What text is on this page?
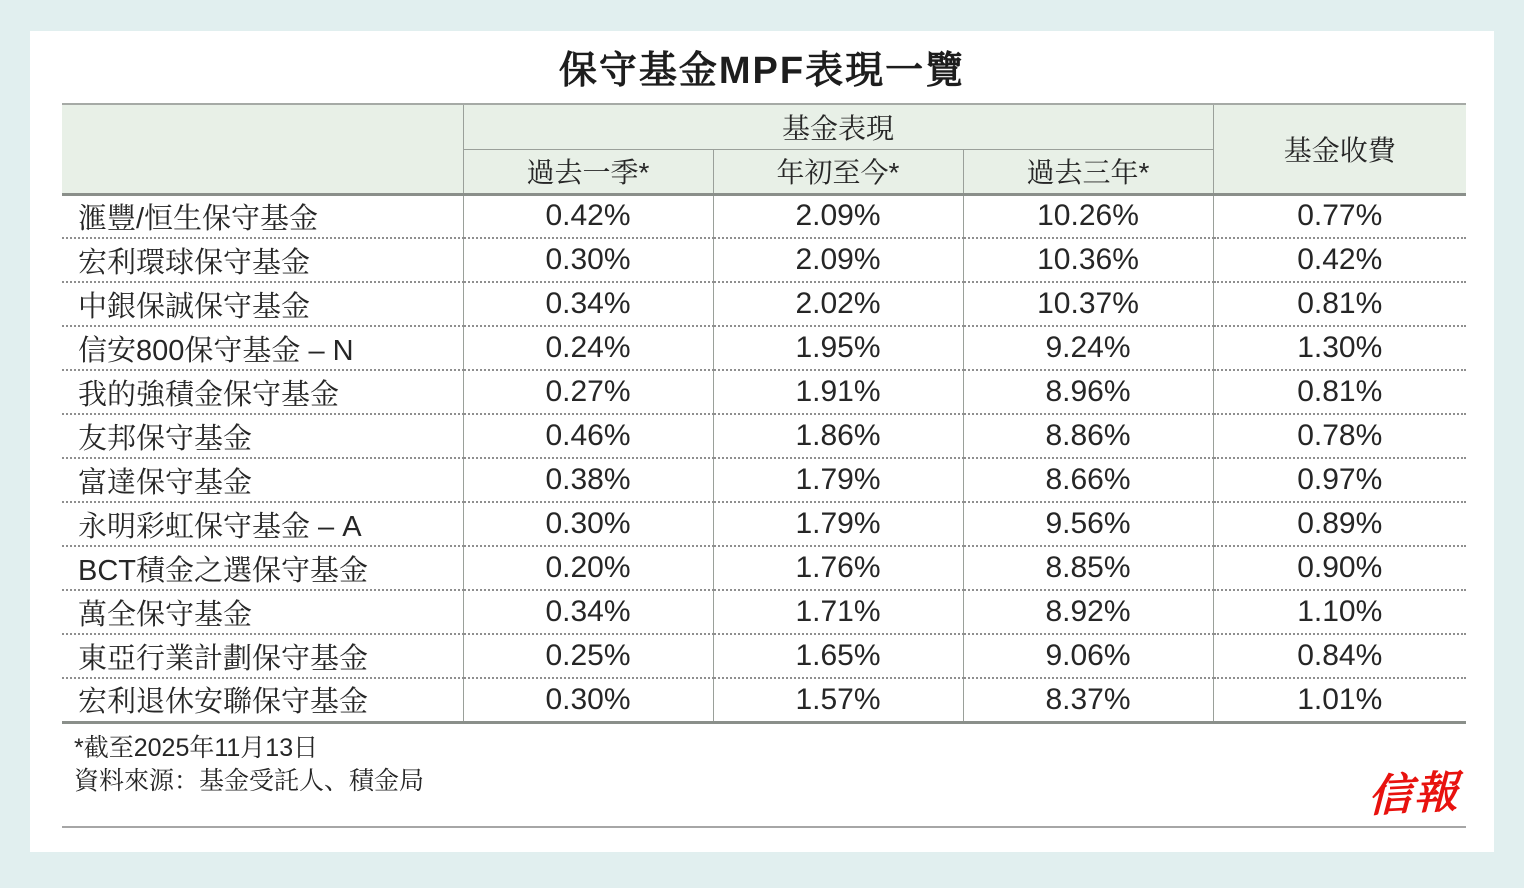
保守基金MPF表現一覽
	基金表現			基金收費
	過去一季*	年初至今*	過去三年*	
滙豐/恒生保守基金	0.42%	2.09%	10.26%	0.77%
宏利環球保守基金	0.30%	2.09%	10.36%	0.42%
中銀保誠保守基金	0.34%	2.02%	10.37%	0.81%
信安800保守基金 – N	0.24%	1.95%	9.24%	1.30%
我的強積金保守基金	0.27%	1.91%	8.96%	0.81%
友邦保守基金	0.46%	1.86%	8.86%	0.78%
富達保守基金	0.38%	1.79%	8.66%	0.97%
永明彩虹保守基金 – A	0.30%	1.79%	9.56%	0.89%
BCT積金之選保守基金	0.20%	1.76%	8.85%	0.90%
萬全保守基金	0.34%	1.71%	8.92%	1.10%
東亞行業計劃保守基金	0.25%	1.65%	9.06%	0.84%
宏利退休安聯保守基金	0.30%	1.57%	8.37%	1.01%
*截至2025年11月13日
資料來源：基金受託人、積金局	信報
